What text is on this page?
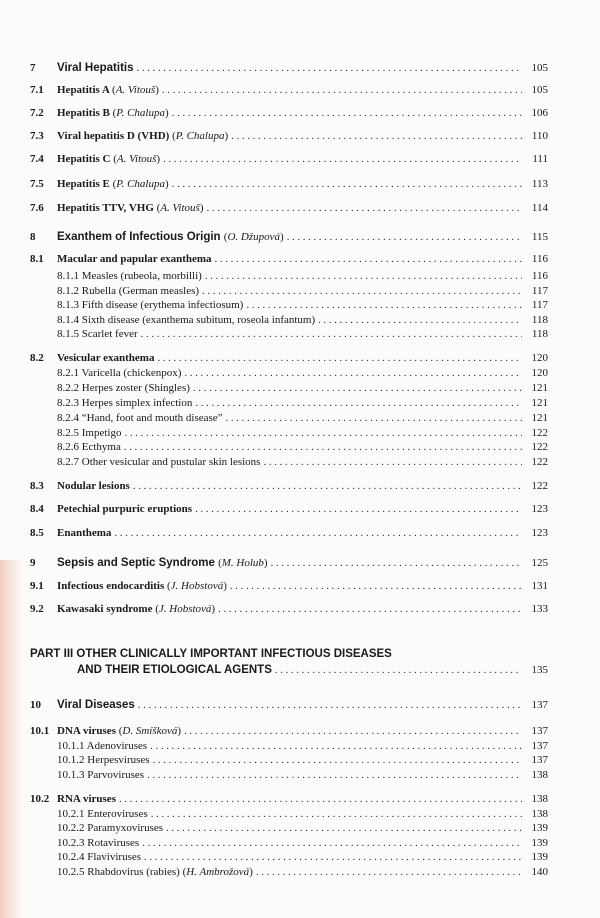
7	Viral Hepatitis .....	105
7.1	Hepatitis A (A. Vitouš) .....	105
7.2	Hepatitis B (P. Chalupa) .....	106
7.3	Viral hepatitis D (VHD) (P. Chalupa) .....	110
7.4	Hepatitis C (A. Vitouš) .....	111
7.5	Hepatitis E (P. Chalupa) .....	113
7.6	Hepatitis TTV, VHG (A. Vitouš) .....	114
8	Exanthem of Infectious Origin (O. Džupová) .....	115
8.1	Macular and papular exanthema .....	116
8.1.1 Measles (rubeola, morbilli) .....	116
8.1.2 Rubella (German measles) .....	117
8.1.3 Fifth disease (erythema infectiosum) .....	117
8.1.4 Sixth disease (exanthema subitum, roseola infantum) .....	118
8.1.5 Scarlet fever .....	118
8.2	Vesicular exanthema .....	120
8.2.1 Varicella (chickenpox) .....	120
8.2.2 Herpes zoster (Shingles) .....	121
8.2.3 Herpes simplex infection .....	121
8.2.4 “Hand, foot and mouth disease” .....	121
8.2.5 Impetigo .....	122
8.2.6 Ecthyma .....	122
8.2.7 Other vesicular and pustular skin lesions .....	122
8.3	Nodular lesions .....	122
8.4	Petechial purpuric eruptions .....	123
8.5	Enanthema .....	123
9	Sepsis and Septic Syndrome (M. Holub) .....	125
9.1	Infectious endocarditis (J. Hobstová) .....	131
9.2	Kawasaki syndrome (J. Hobstová) .....	133
PART III OTHER CLINICALLY IMPORTANT INFECTIOUS DISEASES
AND THEIR ETIOLOGICAL AGENTS .....	135
10	Viral Diseases .....	137
10.1 DNA viruses (D. Smíšková) .....	137
10.1.1 Adenoviruses .....	137
10.1.2 Herpesviruses .....	137
10.1.3 Parvoviruses .....	138
10.2 RNA viruses .....	138
10.2.1 Enteroviruses .....	138
10.2.2 Paramyxoviruses .....	139
10.2.3 Rotaviruses .....	139
10.2.4 Flaviviruses .....	139
10.2.5 Rhabdovirus (rabies) (H. Ambrožová) .....	140
